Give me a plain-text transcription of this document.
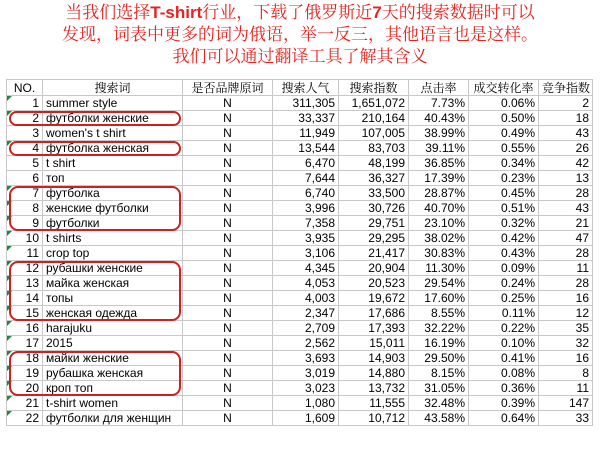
当我们选择T-shirt行业，下载了俄罗斯近7天的搜索数据时可以
发现，词表中更多的词为俄语，举一反三，其他语言也是这样。
我们可以通过翻译工具了解其含义
NO.	搜索词	是否品牌原词	搜索人气	搜索指数	点击率	成交转化率	竞争指数
1	summer style	N	311,305	1,651,072	7.73%	0.06%	2
2	футболки женские	N	33,337	210,164	40.43%	0.50%	18
3	women's t shirt	N	11,949	107,005	38.99%	0.49%	43
4	футболка женская	N	13,544	83,703	39.11%	0.55%	26
5	t shirt	N	6,470	48,199	36.85%	0.34%	42
6	топ	N	7,644	36,327	17.39%	0.23%	13
7	футболка	N	6,740	33,500	28.87%	0.45%	28
8	женские футболки	N	3,996	30,726	40.70%	0.51%	43
9	футболки	N	7,358	29,751	23.10%	0.32%	21
10	t shirts	N	3,935	29,295	38.02%	0.42%	47
11	crop top	N	3,106	21,417	30.83%	0.43%	28
12	рубашки женские	N	4,345	20,904	11.30%	0.09%	11
13	майка женская	N	4,053	20,523	29.54%	0.24%	28
14	топы	N	4,003	19,672	17.60%	0.25%	16
15	женская одежда	N	2,347	17,686	8.55%	0.11%	12
16	harajuku	N	2,709	17,393	32.22%	0.22%	35
17	2015	N	2,562	15,011	16.19%	0.10%	32
18	майки женские	N	3,693	14,903	29.50%	0.41%	16
19	рубашка женская	N	3,019	14,880	8.15%	0.08%	8
20	кроп топ	N	3,023	13,732	31.05%	0.36%	11
21	t-shirt women	N	1,080	11,555	32.48%	0.39%	147
22	футболки для женщин	N	1,609	10,712	43.58%	0.64%	33
